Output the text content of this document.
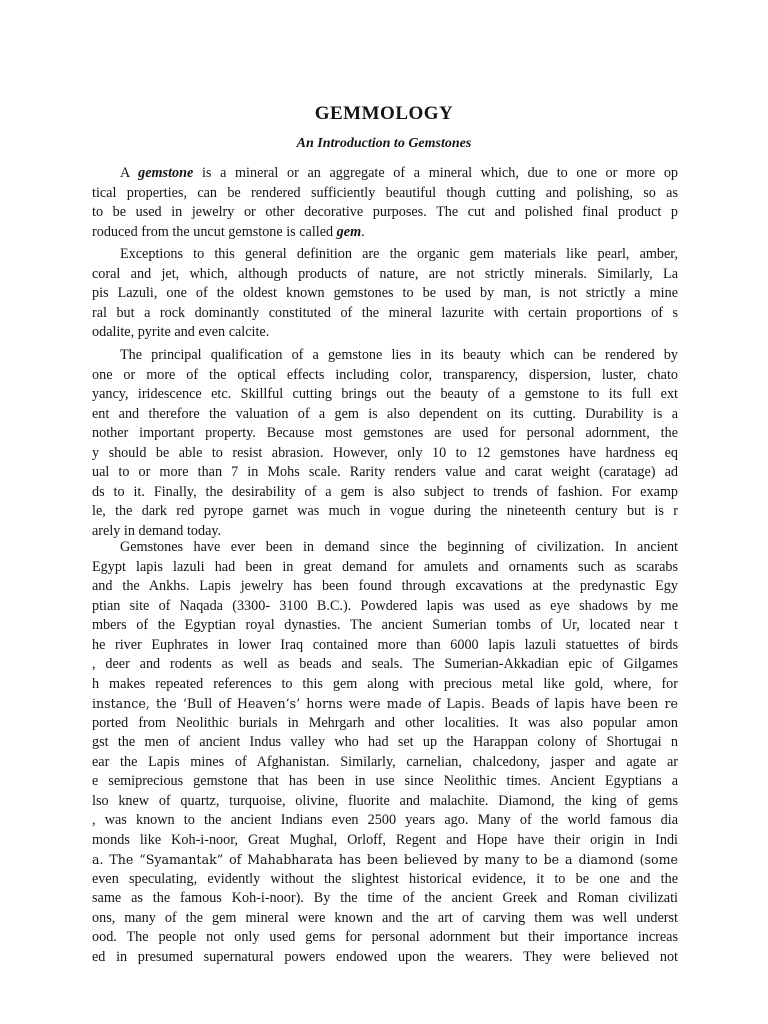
GEMMOLOGY
An Introduction to Gemstones
A gemstone is a mineral or an aggregate of a mineral which, due to one or more op
tical properties, can be rendered sufficiently beautiful though cutting and polishing, so as
to be used in jewelry or other decorative purposes. The cut and polished final product p
roduced from the uncut gemstone is called gem.
Exceptions to this general definition are the organic gem materials like pearl, amber,
coral and jet, which, although products of nature, are not strictly minerals. Similarly, La
pis Lazuli, one of the oldest known gemstones to be used by man, is not strictly a mine
ral but a rock dominantly constituted of the mineral lazurite with certain proportions of s
odalite, pyrite and even calcite.
The principal qualification of a gemstone lies in its beauty which can be rendered by
one or more of the optical effects including color, transparency, dispersion, luster, chato
yancy, iridescence etc. Skillful cutting brings out the beauty of a gemstone to its full ext
ent and therefore the valuation of a gem is also dependent on its cutting. Durability is a
nother important property. Because most gemstones are used for personal adornment, the
y should be able to resist abrasion. However, only 10 to 12 gemstones have hardness eq
ual to or more than 7 in Mohs scale. Rarity renders value and carat weight (caratage) ad
ds to it. Finally, the desirability of a gem is also subject to trends of fashion. For examp
le, the dark red pyrope garnet was much in vogue during the nineteenth century but is r
arely in demand today.
Gemstones have ever been in demand since the beginning of civilization. In ancient
Egypt lapis lazuli had been in great demand for amulets and ornaments such as scarabs
and the Ankhs. Lapis jewelry has been found through excavations at the predynastic Egy
ptian site of Naqada (3300- 3100 B.C.). Powdered lapis was used as eye shadows by me
mbers of the Egyptian royal dynasties. The ancient Sumerian tombs of Ur, located near t
he river Euphrates in lower Iraq contained more than 6000 lapis lazuli statuettes of birds
, deer and rodents as well as beads and seals. The Sumerian-Akkadian epic of Gilgames
h makes repeated references to this gem along with precious metal like gold, where, for
instance, the ‘Bull of Heaven’s’ horns were made of Lapis. Beads of lapis have been re
ported from Neolithic burials in Mehrgarh and other localities. It was also popular amon
gst the men of ancient Indus valley who had set up the Harappan colony of Shortugai n
ear the Lapis mines of Afghanistan. Similarly, carnelian, chalcedony, jasper and agate ar
e semiprecious gemstone that has been in use since Neolithic times. Ancient Egyptians a
lso knew of quartz, turquoise, olivine, fluorite and malachite. Diamond, the king of gems
, was known to the ancient Indians even 2500 years ago. Many of the world famous dia
monds like Koh-i-noor, Great Mughal, Orloff, Regent and Hope have their origin in Indi
a. The “Syamantak” of Mahabharata has been believed by many to be a diamond (some
even speculating, evidently without the slightest historical evidence, it to be one and the
same as the famous Koh-i-noor). By the time of the ancient Greek and Roman civilizati
ons, many of the gem mineral were known and the art of carving them was well underst
ood. The people not only used gems for personal adornment but their importance increas
ed in presumed supernatural powers endowed upon the wearers. They were believed not
